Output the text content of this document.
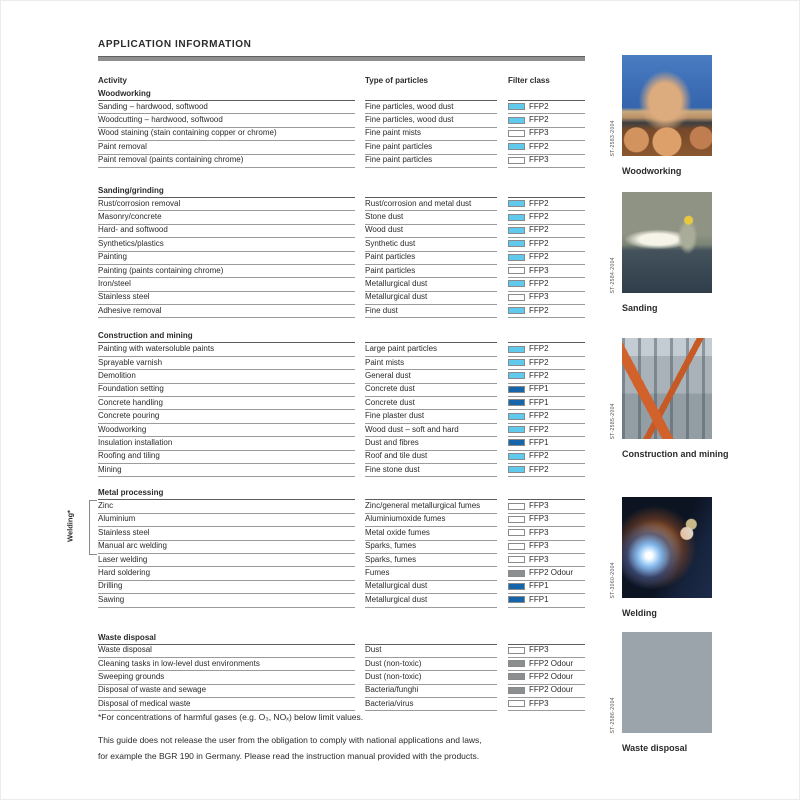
APPLICATION INFORMATION
Activity	Type of particles	Filter class
Woodworking
Sanding – hardwood, softwood	Fine particles, wood dust	FFP2
Woodcutting – hardwood, softwood	Fine particles, wood dust	FFP2
Wood staining (stain containing copper or chrome)	Fine paint mists	FFP3
Paint removal	Fine paint particles	FFP2
Paint removal (paints containing chrome)	Fine paint particles	FFP3
Sanding/grinding
Rust/corrosion removal	Rust/corrosion and metal dust	FFP2
Masonry/concrete	Stone dust	FFP2
Hard- and softwood	Wood dust	FFP2
Synthetics/plastics	Synthetic dust	FFP2
Painting	Paint particles	FFP2
Painting (paints containing chrome)	Paint particles	FFP3
Iron/steel	Metallurgical dust	FFP2
Stainless steel	Metallurgical dust	FFP3
Adhesive removal	Fine dust	FFP2
Construction and mining
Painting with watersoluble paints	Large paint particles	FFP2
Sprayable varnish	Paint mists	FFP2
Demolition	General dust	FFP2
Foundation setting	Concrete dust	FFP1
Concrete handling	Concrete dust	FFP1
Concrete pouring	Fine plaster dust	FFP2
Woodworking	Wood dust – soft and hard	FFP2
Insulation installation	Dust and fibres	FFP1
Roofing and tiling	Roof and tile dust	FFP2
Mining	Fine stone dust	FFP2
Metal processing
Zinc	Zinc/general metallurgical fumes	FFP3
Aluminium	Aluminiumoxide fumes	FFP3
Stainless steel	Metal oxide fumes	FFP3
Manual arc welding	Sparks, fumes	FFP3
Laser welding	Sparks, fumes	FFP3
Hard soldering	Fumes	FFP2 Odour
Drilling	Metallurgical dust	FFP1
Sawing	Metallurgical dust	FFP1
Waste disposal
Waste disposal	Dust	FFP3
Cleaning tasks in low-level dust environments	Dust (non-toxic)	FFP2 Odour
Sweeping grounds	Dust (non-toxic)	FFP2 Odour
Disposal of waste and sewage	Bacteria/funghi	FFP2 Odour
Disposal of medical waste	Bacteria/virus	FFP3
Welding*
*For concentrations of harmful gases (e.g. O₃, NOₓ) below limit values.
This guide does not release the user from the obligation to comply with national applications and laws,
for example the BGR 190 in Germany. Please read the instruction manual provided with the products.
ST-2583-2004
Woodworking
ST-2584-2004
Sanding
ST-2585-2004
Construction and mining
ST-3060-2004
Welding
ST-2586-2004
Waste disposal
